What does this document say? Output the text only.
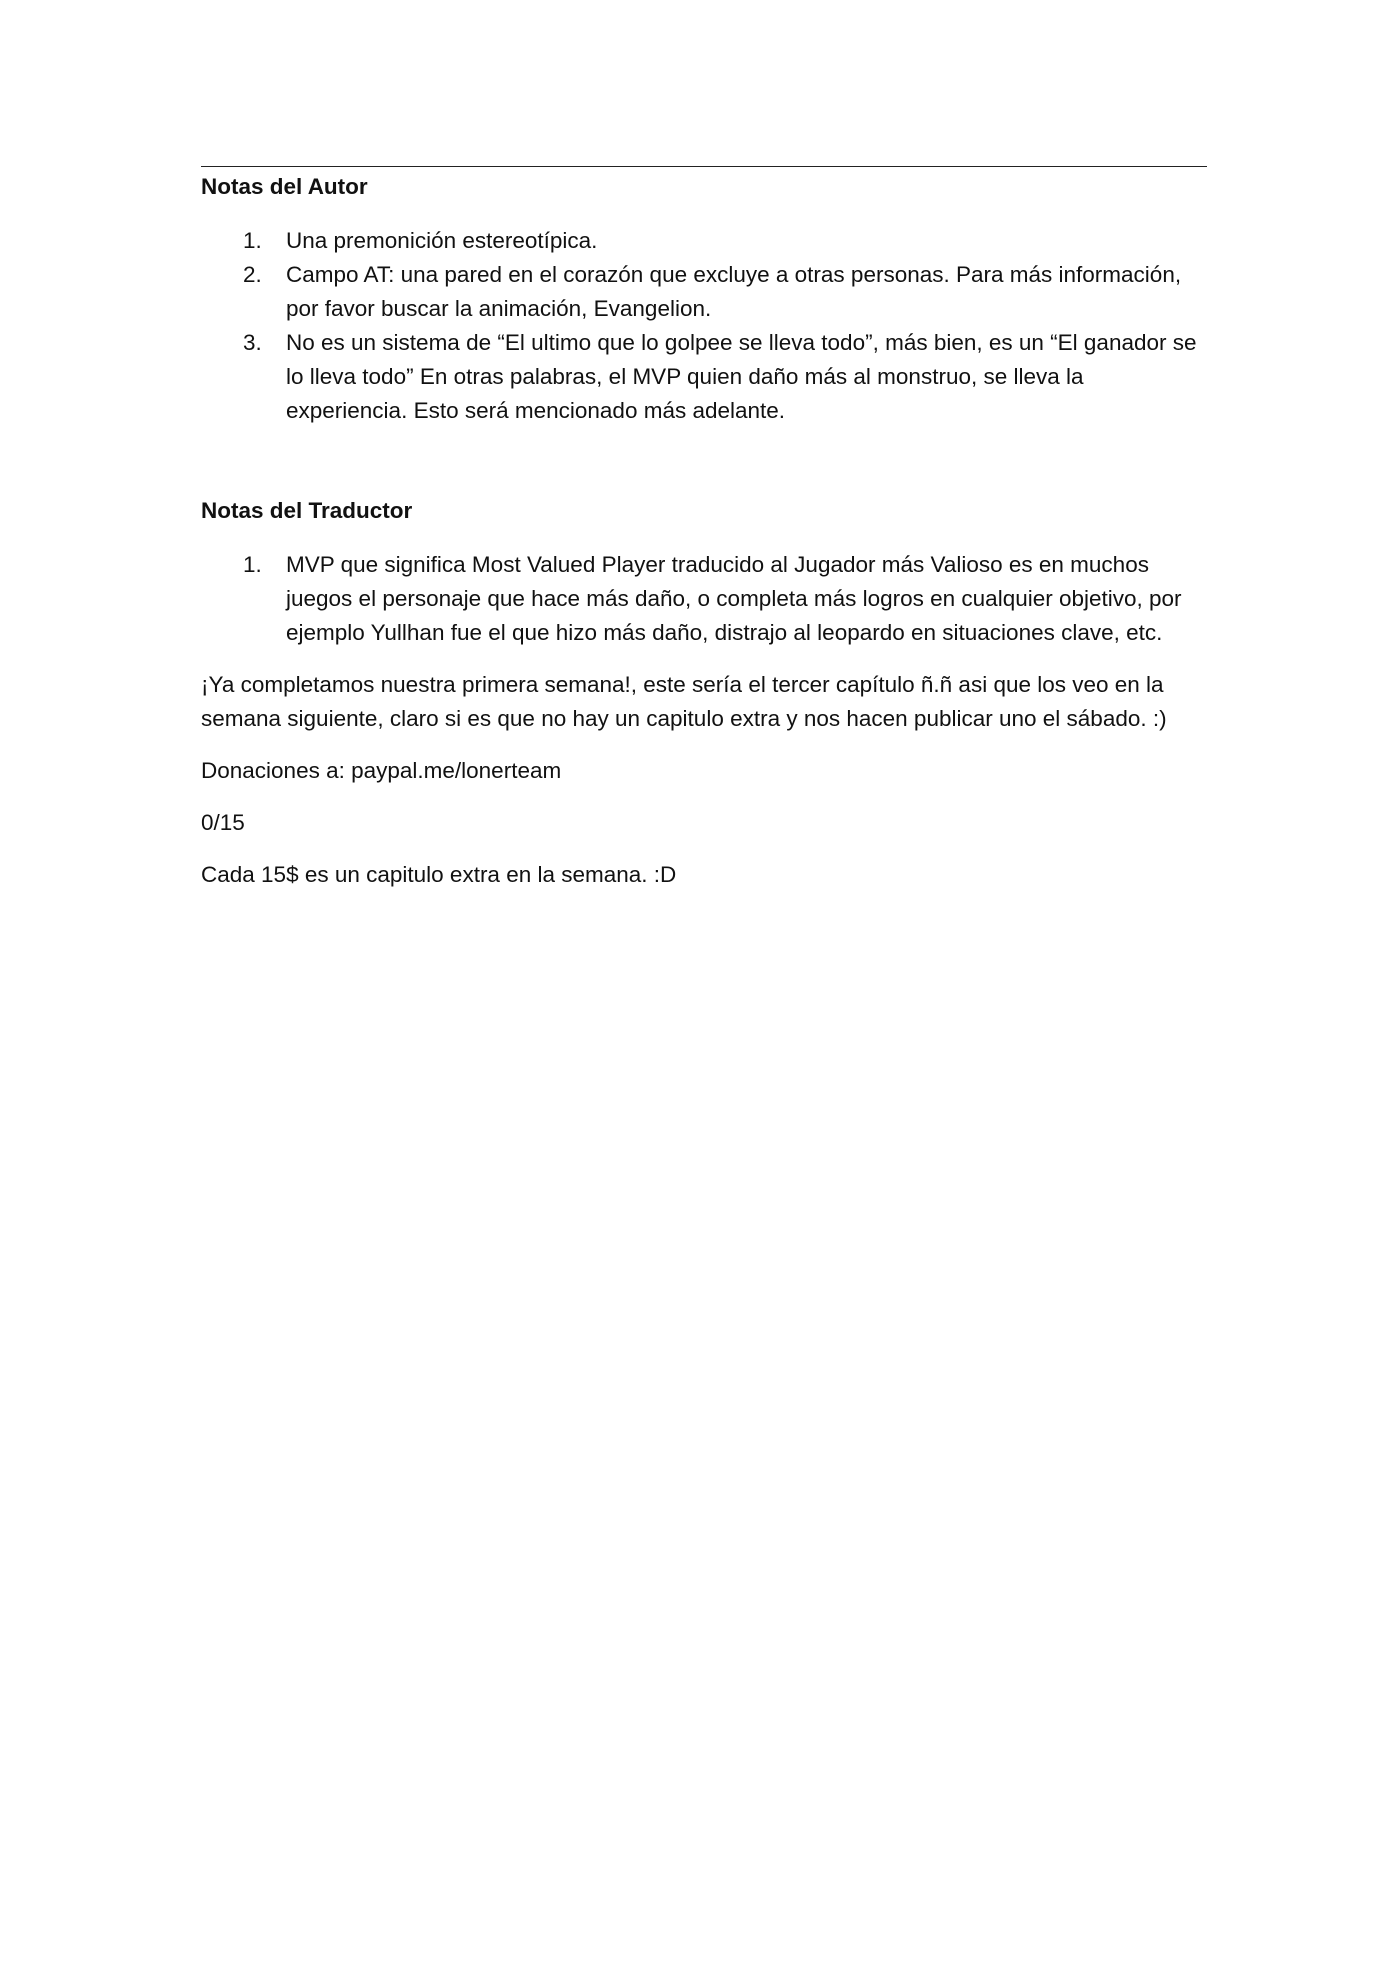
Notas del Autor

1.	Una premonición estereotípica.
2.	Campo AT: una pared en el corazón que excluye a otras personas. Para más información, por favor buscar la animación, Evangelion.
3.	No es un sistema de “El ultimo que lo golpee se lleva todo”, más bien, es un “El ganador se lo lleva todo” En otras palabras, el MVP quien daño más al monstruo, se lleva la experiencia. Esto será mencionado más adelante.

Notas del Traductor

1.	MVP que significa Most Valued Player traducido al Jugador más Valioso es en muchos juegos el personaje que hace más daño, o completa más logros en cualquier objetivo, por ejemplo Yullhan fue el que hizo más daño, distrajo al leopardo en situaciones clave, etc.

¡Ya completamos nuestra primera semana!, este sería el tercer capítulo ñ.ñ asi que los veo en la semana siguiente, claro si es que no hay un capitulo extra y nos hacen publicar uno el sábado. :)

Donaciones a: paypal.me/lonerteam

0/15

Cada 15$ es un capitulo extra en la semana. :D
